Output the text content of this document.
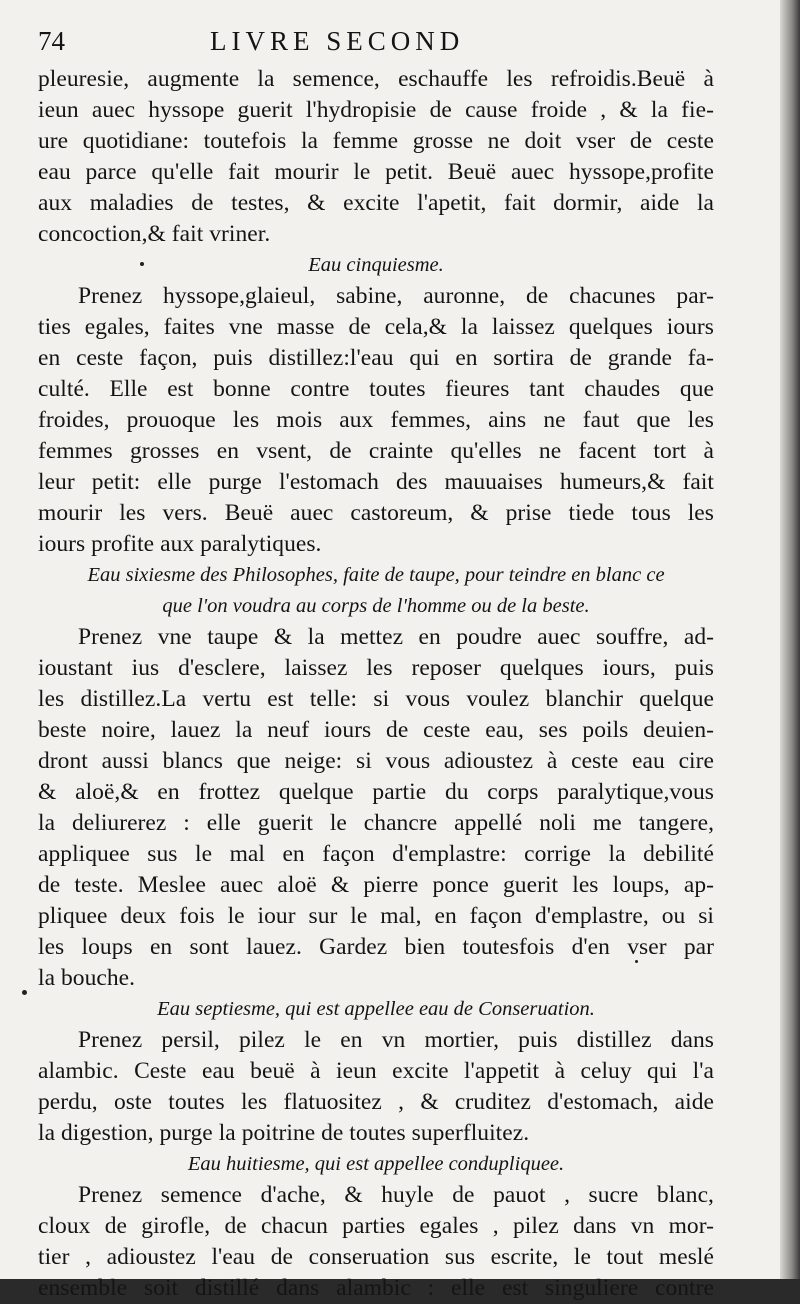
74	LIVRE SECOND
pleuresie, augmente la semence, eschauffe les refroidis.Beuë à
ieun auec hyssope guerit l'hydropisie de cause froide , & la fie-
ure quotidiane: toutefois la femme grosse ne doit vser de ceste
eau parce qu'elle fait mourir le petit. Beuë auec hyssope,profite
aux maladies de testes, & excite l'apetit, fait dormir, aide la
concoction,& fait vriner.
Eau cinquiesme.
Prenez hyssope,glaieul, sabine, auronne, de chacunes par-
ties egales, faites vne masse de cela,& la laissez quelques iours
en ceste façon, puis distillez:l'eau qui en sortira de grande fa-
culté. Elle est bonne contre toutes fieures tant chaudes que
froides, prouoque les mois aux femmes, ains ne faut que les
femmes grosses en vsent, de crainte qu'elles ne facent tort à
leur petit: elle purge l'estomach des mauuaises humeurs,& fait
mourir les vers. Beuë auec castoreum, & prise tiede tous les
iours profite aux paralytiques.
Eau sixiesme des Philosophes, faite de taupe, pour teindre en blanc ce
que l'on voudra au corps de l'homme ou de la beste.
Prenez vne taupe & la mettez en poudre auec souffre, ad-
ioustant ius d'esclere, laissez les reposer quelques iours, puis
les distillez.La vertu est telle: si vous voulez blanchir quelque
beste noire, lauez la neuf iours de ceste eau, ses poils deuien-
dront aussi blancs que neige: si vous adioustez à ceste eau cire
& aloë,& en frottez quelque partie du corps paralytique,vous
la deliurerez : elle guerit le chancre appellé noli me tangere,
appliquee sus le mal en façon d'emplastre: corrige la debilité
de teste. Meslee auec aloë & pierre ponce guerit les loups, ap-
pliquee deux fois le iour sur le mal, en façon d'emplastre, ou si
les loups en sont lauez. Gardez bien toutesfois d'en vser par
la bouche.
Eau septiesme, qui est appellee eau de Conseruation.
Prenez persil, pilez le en vn mortier, puis distillez dans
alambic. Ceste eau beuë à ieun excite l'appetit à celuy qui l'a
perdu, oste toutes les flatuositez , & cruditez d'estomach, aide
la digestion, purge la poitrine de toutes superfluitez.
Eau huitiesme, qui est appellee condupliquee.
Prenez semence d'ache, & huyle de pauot , sucre blanc,
cloux de girofle, de chacun parties egales , pilez dans vn mor-
tier , adioustez l'eau de conseruation sus escrite, le tout meslé
ensemble soit distillé dans alambic : elle est singuliere contre
